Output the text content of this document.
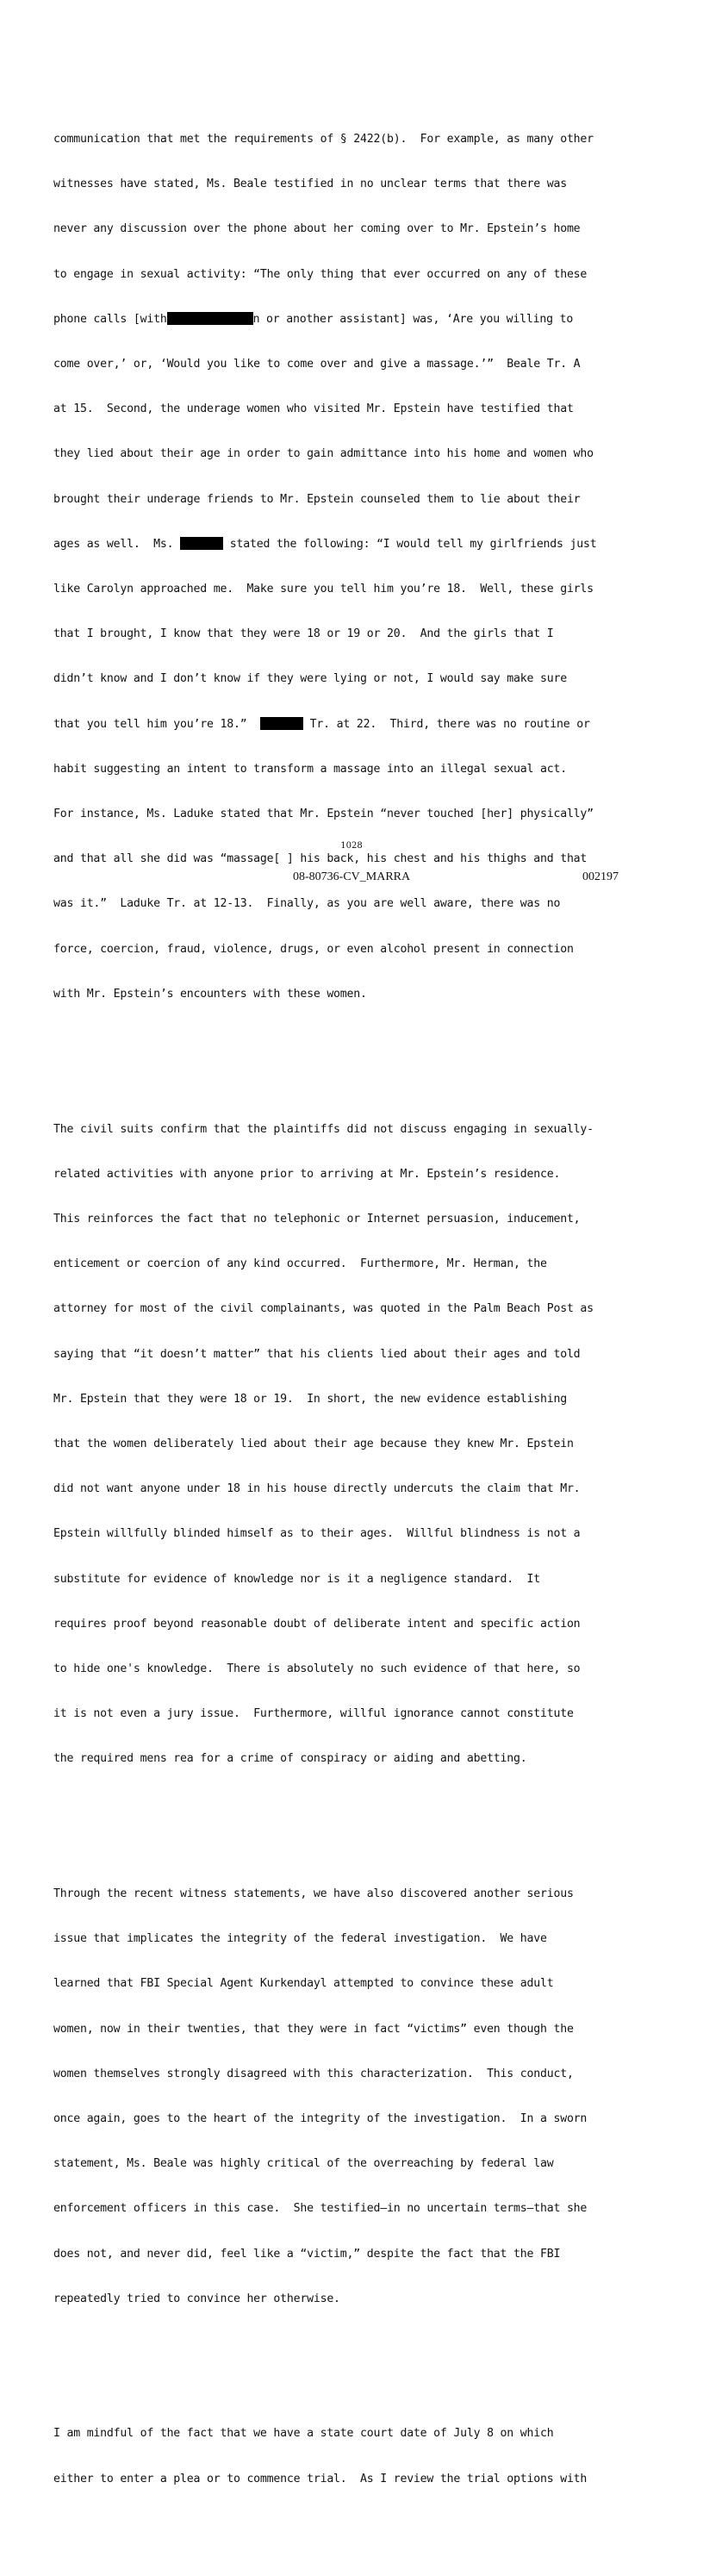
communication that met the requirements of § 2422(b).  For example, as many other

witnesses have stated, Ms. Beale testified in no unclear terms that there was

never any discussion over the phone about her coming over to Mr. Epstein’s home

to engage in sexual activity: “The only thing that ever occurred on any of these

phone calls [with	n or another assistant] was, ‘Are you willing to

come over,’ or, ‘Would you like to come over and give a massage.’”  Beale Tr. A

at 15.  Second, the underage women who visited Mr. Epstein have testified that

they lied about their age in order to gain admittance into his home and women who

brought their underage friends to Mr. Epstein counseled them to lie about their

ages as well.  Ms.	stated the following: “I would tell my girlfriends just

like Carolyn approached me.  Make sure you tell him you’re 18.  Well, these girls

that I brought, I know that they were 18 or 19 or 20.  And the girls that I

didn’t know and I don’t know if they were lying or not, I would say make sure

that you tell him you’re 18.”	Tr. at 22.  Third, there was no routine or

habit suggesting an intent to transform a massage into an illegal sexual act.

For instance, Ms. Laduke stated that Mr. Epstein “never touched [her] physically”

and that all she did was “massage[ ] his back, his chest and his thighs and that

was it.”  Laduke Tr. at 12-13.  Finally, as you are well aware, there was no

force, coercion, fraud, violence, drugs, or even alcohol present in connection

with Mr. Epstein’s encounters with these women.

The civil suits confirm that the plaintiffs did not discuss engaging in sexually-

related activities with anyone prior to arriving at Mr. Epstein’s residence.

This reinforces the fact that no telephonic or Internet persuasion, inducement,

enticement or coercion of any kind occurred.  Furthermore, Mr. Herman, the

attorney for most of the civil complainants, was quoted in the Palm Beach Post as

saying that “it doesn’t matter” that his clients lied about their ages and told

Mr. Epstein that they were 18 or 19.  In short, the new evidence establishing

that the women deliberately lied about their age because they knew Mr. Epstein

did not want anyone under 18 in his house directly undercuts the claim that Mr.

Epstein willfully blinded himself as to their ages.  Willful blindness is not a

substitute for evidence of knowledge nor is it a negligence standard.  It

requires proof beyond reasonable doubt of deliberate intent and specific action

to hide one's knowledge.  There is absolutely no such evidence of that here, so

it is not even a jury issue.  Furthermore, willful ignorance cannot constitute

the required mens rea for a crime of conspiracy or aiding and abetting.

Through the recent witness statements, we have also discovered another serious

issue that implicates the integrity of the federal investigation.  We have

learned that FBI Special Agent Kurkendayl attempted to convince these adult

women, now in their twenties, that they were in fact “victims” even though the

women themselves strongly disagreed with this characterization.  This conduct,

once again, goes to the heart of the integrity of the investigation.  In a sworn

statement, Ms. Beale was highly critical of the overreaching by federal law

enforcement officers in this case.  She testified—in no uncertain terms—that she

does not, and never did, feel like a “victim,” despite the fact that the FBI

repeatedly tried to convince her otherwise.

I am mindful of the fact that we have a state court date of July 8 on which

either to enter a plea or to commence trial.  As I review the trial options with

1028
08-80736-CV_MARRA	002197
